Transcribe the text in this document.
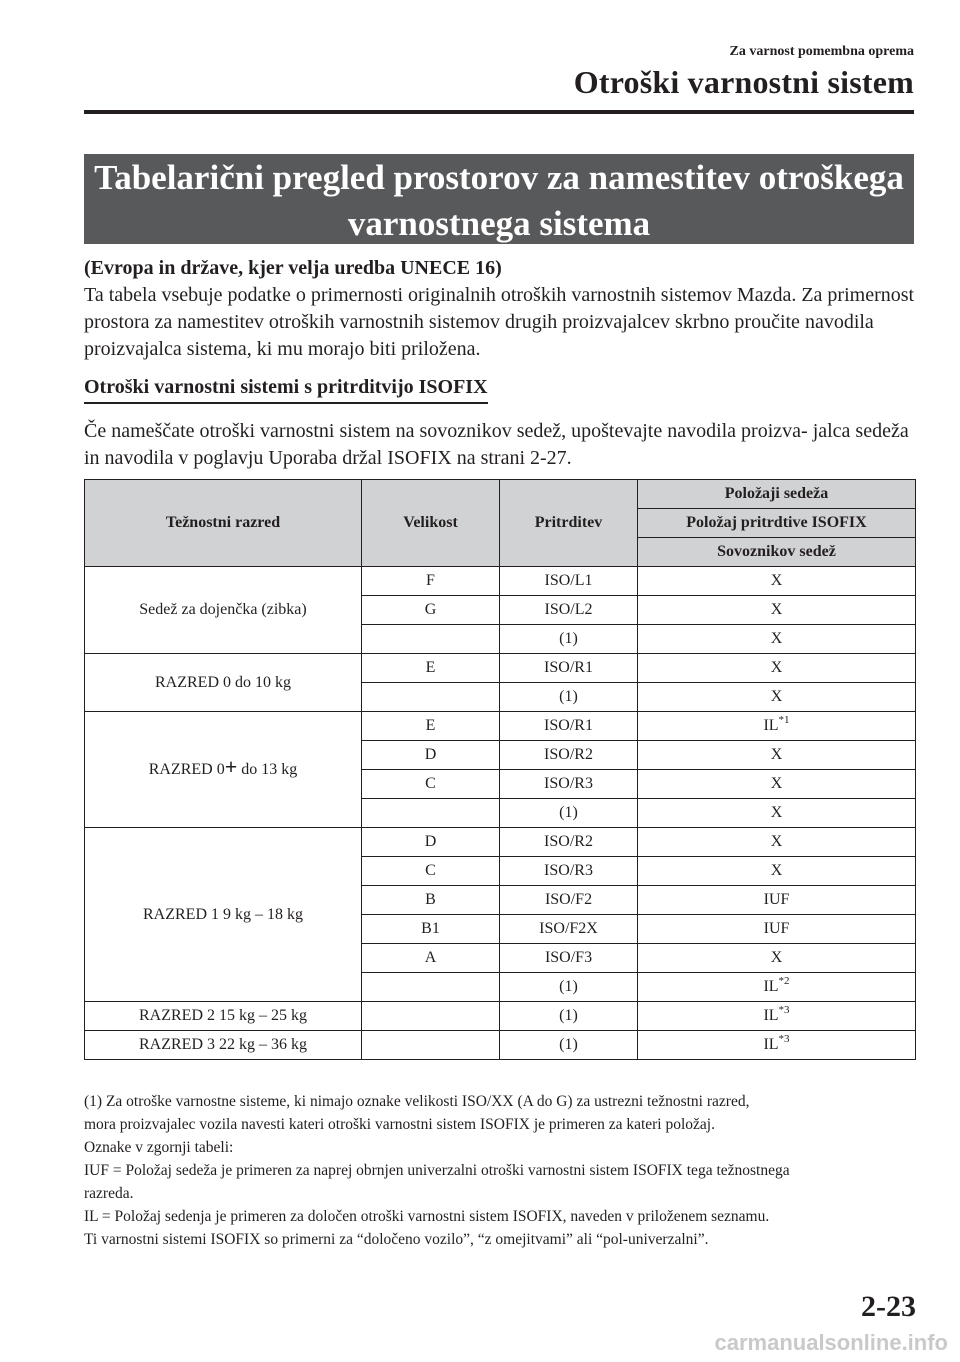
Za varnost pomembna oprema
Otroški varnostni sistem
Tabelarični pregled prostorov za namestitev otroškega
varnostnega sistema

(Evropa in države, kjer velja uredba UNECE 16)

Ta tabela vsebuje podatke o primernosti originalnih otroških varnostnih sistemov Mazda. Za primernost prostora za namestitev otroških varnostnih sistemov drugih proizvajalcev skrbno proučite navodila proizvajalca sistema, ki mu morajo biti priložena.

Otroški varnostni sistemi s pritrditvijo ISOFIX

Če nameščate otroški varnostni sistem na sovoznikov sedež, upoštevajte navodila proizva- jalca sedeža in navodila v poglavju Uporaba držal ISOFIX na strani 2-27.

Težnostni razred	Velikost	Pritrditev	Položaji sedeža
			Položaj pritrdtive ISOFIX
			Sovoznikov sedež
Sedež za dojenčka (zibka)	F	ISO/L1	X
	G	ISO/L2	X
		(1)	X
RAZRED 0 do 10 kg	E	ISO/R1	X
		(1)	X
RAZRED 0+ do 13 kg	E	ISO/R1	IL$^{*1}$
	D	ISO/R2	X
	C	ISO/R3	X
		(1)	X
RAZRED 1 9 kg – 18 kg	D	ISO/R2	X
	C	ISO/R3	X
	B	ISO/F2	IUF
	B1	ISO/F2X	IUF
	A	ISO/F3	X
		(1)	IL$^{*2}$
RAZRED 2 15 kg – 25 kg		(1)	IL$^{*3}$
RAZRED 3 22 kg – 36 kg		(1)	IL$^{*3}$
(1) Za otroške varnostne sisteme, ki nimajo oznake velikosti ISO/XX (A do G) za ustrezni težnostni razred,
mora proizvajalec vozila navesti kateri otroški varnostni sistem ISOFIX je primeren za kateri položaj.
Oznake v zgornji tabeli:
IUF = Položaj sedeža je primeren za naprej obrnjen univerzalni otroški varnostni sistem ISOFIX tega težnostnega
razreda.
IL = Položaj sedenja je primeren za določen otroški varnostni sistem ISOFIX, naveden v priloženem seznamu.
Ti varnostni sistemi ISOFIX so primerni za “določeno vozilo”, “z omejitvami” ali “pol-univerzalni”.
2-23
carmanualsonline.info
